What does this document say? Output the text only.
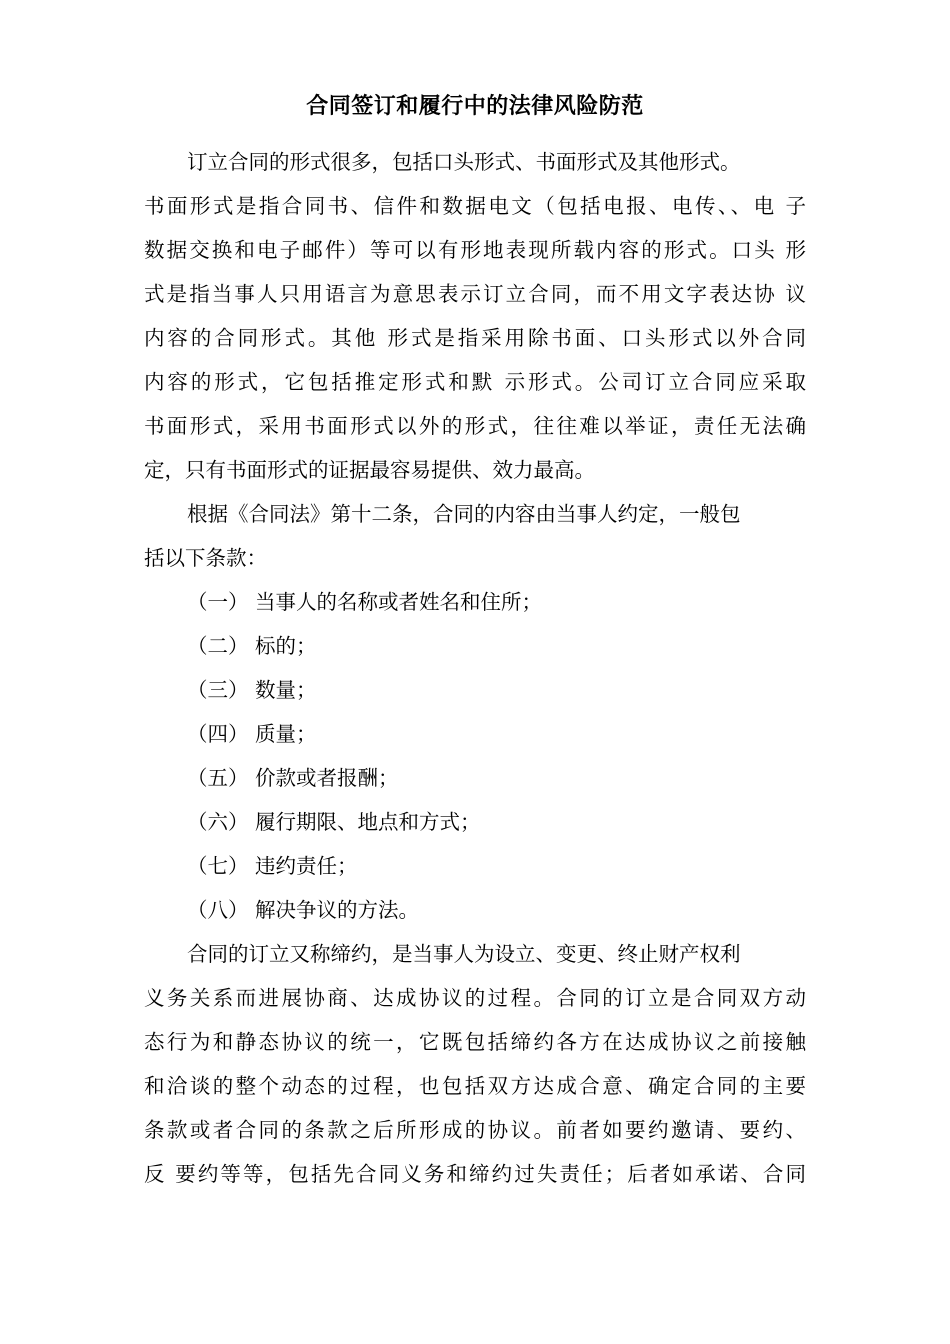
合同签订和履行中的法律风险防范

订立合同的形式很多，包括口头形式、书面形式及其他形式。

书面形式是指合同书、信件和数据电文（包括电报、电传、、电 子

数据交换和电子邮件）等可以有形地表现所载内容的形式。口头 形

式是指当事人只用语言为意思表示订立合同，而不用文字表达协 议

内容的合同形式。其他 形式是指采用除书面、口头形式以外合同

内容的形式，它包括推定形式和默 示形式。公司订立合同应采取

书面形式，采用书面形式以外的形式，往往难以举证，责任无法确

定，只有书面形式的证据最容易提供、效力最高。

根据《合同法》第十二条，合同的内容由当事人约定，一般包

括以下条款：

（一） 当事人的名称或者姓名和住所；

（二） 标的；

（三） 数量；

（四） 质量；

（五） 价款或者报酬；

（六） 履行期限、地点和方式；

（七） 违约责任；

（八） 解决争议的方法。

合同的订立又称缔约，是当事人为设立、变更、终止财产权利

义务关系而进展协商、达成协议的过程。合同的订立是合同双方动

态行为和静态协议的统一，它既包括缔约各方在达成协议之前接触

和洽谈的整个动态的过程，也包括双方达成合意、确定合同的主要

条款或者合同的条款之后所形成的协议。前者如要约邀请、要约、

反 要约等等，包括先合同义务和缔约过失责任；后者如承诺、合同
